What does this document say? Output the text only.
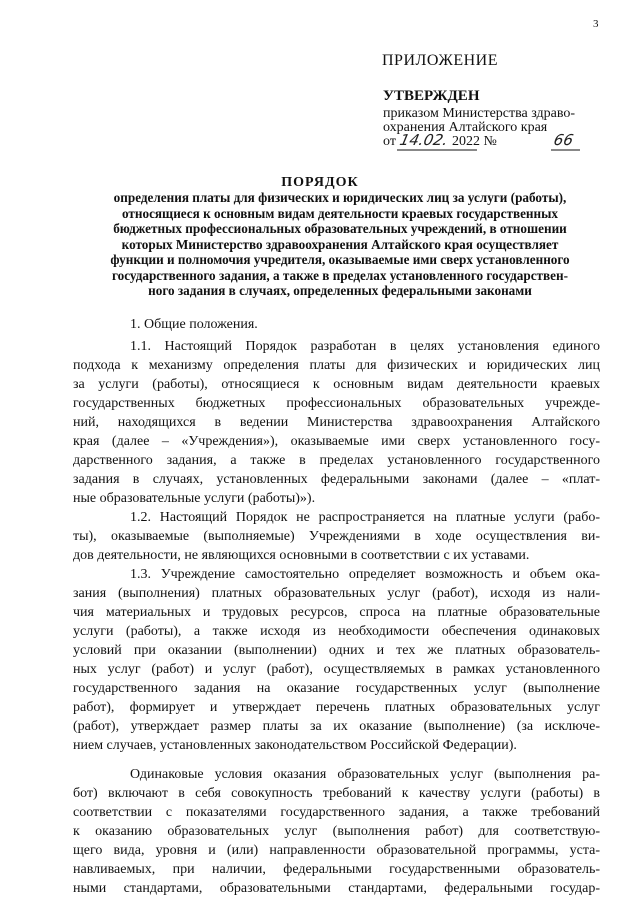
3
ПРИЛОЖЕНИЕ
УТВЕРЖДЕН
приказом Министерства здраво-
охранения Алтайского края
от 14.02. 2022 №	66
ПОРЯДОК
определения платы для физических и юридических лиц за услуги (работы),
относящиеся к основным видам деятельности краевых государственных
бюджетных профессиональных образовательных учреждений, в отношении
которых Министерство здравоохранения Алтайского края осуществляет
функции и полномочия учредителя, оказываемые ими сверх установленного
государственного задания, а также в пределах установленного государствен-
ного задания в случаях, определенных федеральными законами

1. Общие положения.

1.1. Настоящий Порядок разработан в целях установления единого
подхода к механизму определения платы для физических и юридических лиц
за услуги (работы), относящиеся к основным видам деятельности краевых
государственных бюджетных профессиональных образовательных учрежде-
ний, находящихся в ведении Министерства здравоохранения Алтайского
края (далее – «Учреждения»), оказываемые ими сверх установленного госу-
дарственного задания, а также в пределах установленного государственного
задания в случаях, установленных федеральными законами (далее – «плат-
ные образовательные услуги (работы)»).
1.2. Настоящий Порядок не распространяется на платные услуги (рабо-
ты), оказываемые (выполняемые) Учреждениями в ходе осуществления ви-
дов деятельности, не являющихся основными в соответствии с их уставами.
1.3. Учреждение самостоятельно определяет возможность и объем ока-
зания (выполнения) платных образовательных услуг (работ), исходя из нали-
чия материальных и трудовых ресурсов, спроса на платные образовательные
услуги (работы), а также исходя из необходимости обеспечения одинаковых
условий при оказании (выполнении) одних и тех же платных образователь-
ных услуг (работ) и услуг (работ), осуществляемых в рамках установленного
государственного задания на оказание государственных услуг (выполнение
работ), формирует и утверждает перечень платных образовательных услуг
(работ), утверждает размер платы за их оказание (выполнение) (за исключе-
нием случаев, установленных законодательством Российской Федерации).
Одинаковые условия оказания образовательных услуг (выполнения ра-
бот) включают в себя совокупность требований к качеству услуги (работы) в
соответствии с показателями государственного задания, а также требований
к оказанию образовательных услуг (выполнения работ) для соответствую-
щего вида, уровня и (или) направленности образовательной программы, уста-
навливаемых, при наличии, федеральными государственными образователь-
ными стандартами, образовательными стандартами, федеральными государ-
